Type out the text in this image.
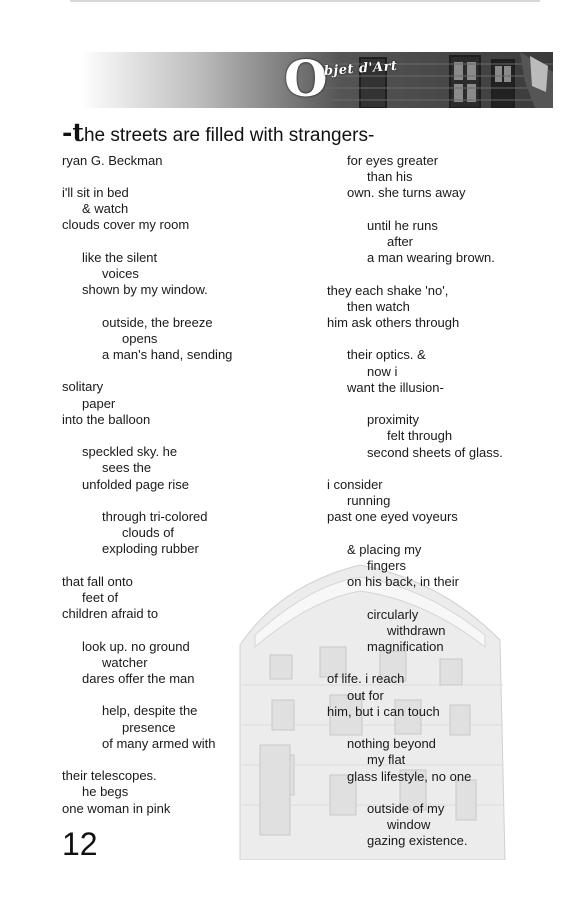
O
bjet d'Art
-the streets are filled with strangers-
ryan G. Beckman
i'll sit in bed
& watch
clouds cover my room
like the silent
voices
shown by my window.
outside, the breeze
opens
a man's hand, sending
solitary
paper
into the balloon
speckled sky. he
sees the
unfolded page rise
through tri-colored
clouds of
exploding rubber
that fall onto
feet of
children afraid to
look up. no ground
watcher
dares offer the man
help, despite the
presence
of many armed with
their telescopes.
he begs
one woman in pink
for eyes greater
than his
own. she turns away
until he runs
after
a man wearing brown.
they each shake 'no',
then watch
him ask others through
their optics. &
now i
want the illusion-
proximity
felt through
second sheets of glass.
i consider
running
past one eyed voyeurs
& placing my
fingers
on his back, in their
circularly
withdrawn
magnification
of life. i reach
out for
him, but i can touch
nothing beyond
my flat
glass lifestyle, no one
outside of my
window
gazing existence.
12
